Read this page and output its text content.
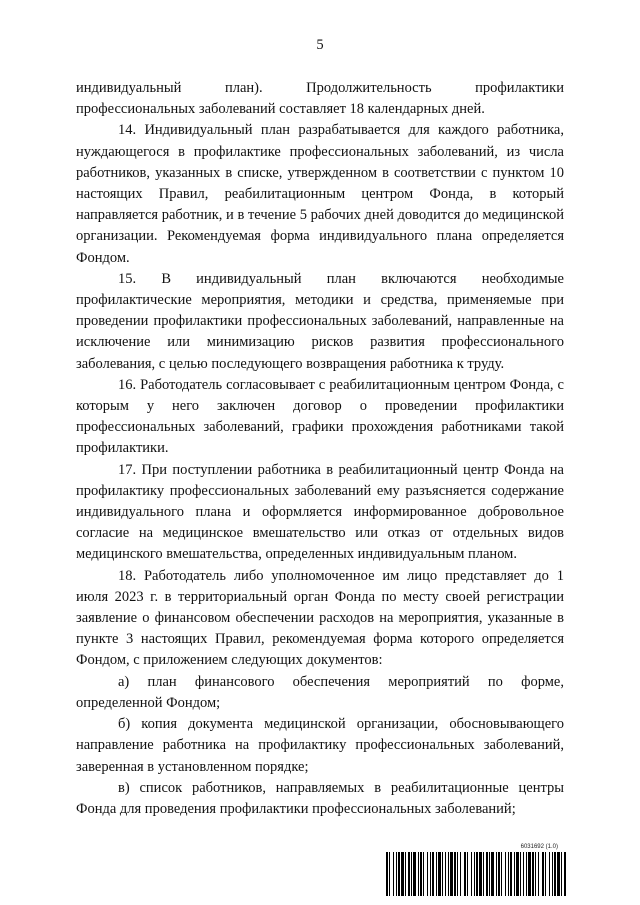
5

индивидуальный план). Продолжительность профилактики профессиональных заболеваний составляет 18 календарных дней.

14. Индивидуальный план разрабатывается для каждого работника, нуждающегося в профилактике профессиональных заболеваний, из числа работников, указанных в списке, утвержденном в соответствии с пунктом 10 настоящих Правил, реабилитационным центром Фонда, в который направляется работник, и в течение 5 рабочих дней доводится до медицинской организации. Рекомендуемая форма индивидуального плана определяется Фондом.

15. В индивидуальный план включаются необходимые профилактические мероприятия, методики и средства, применяемые при проведении профилактики профессиональных заболеваний, направленные на исключение или минимизацию рисков развития профессионального заболевания, с целью последующего возвращения работника к труду.

16. Работодатель согласовывает с реабилитационным центром Фонда, с которым у него заключен договор о проведении профилактики профессиональных заболеваний, графики прохождения работниками такой профилактики.

17. При поступлении работника в реабилитационный центр Фонда на профилактику профессиональных заболеваний ему разъясняется содержание индивидуального плана и оформляется информированное добровольное согласие на медицинское вмешательство или отказ от отдельных видов медицинского вмешательства, определенных индивидуальным планом.

18. Работодатель либо уполномоченное им лицо представляет до 1 июля 2023 г. в территориальный орган Фонда по месту своей регистрации заявление о финансовом обеспечении расходов на мероприятия, указанные в пункте 3 настоящих Правил, рекомендуемая форма которого определяется Фондом, с приложением следующих документов:

а) план финансового обеспечения мероприятий по форме, определенной Фондом;

б) копия документа медицинской организации, обосновывающего направление работника на профилактику профессиональных заболеваний, заверенная в установленном порядке;

в) список работников, направляемых в реабилитационные центры Фонда для проведения профилактики профессиональных заболеваний;

6031692 (1.0)
